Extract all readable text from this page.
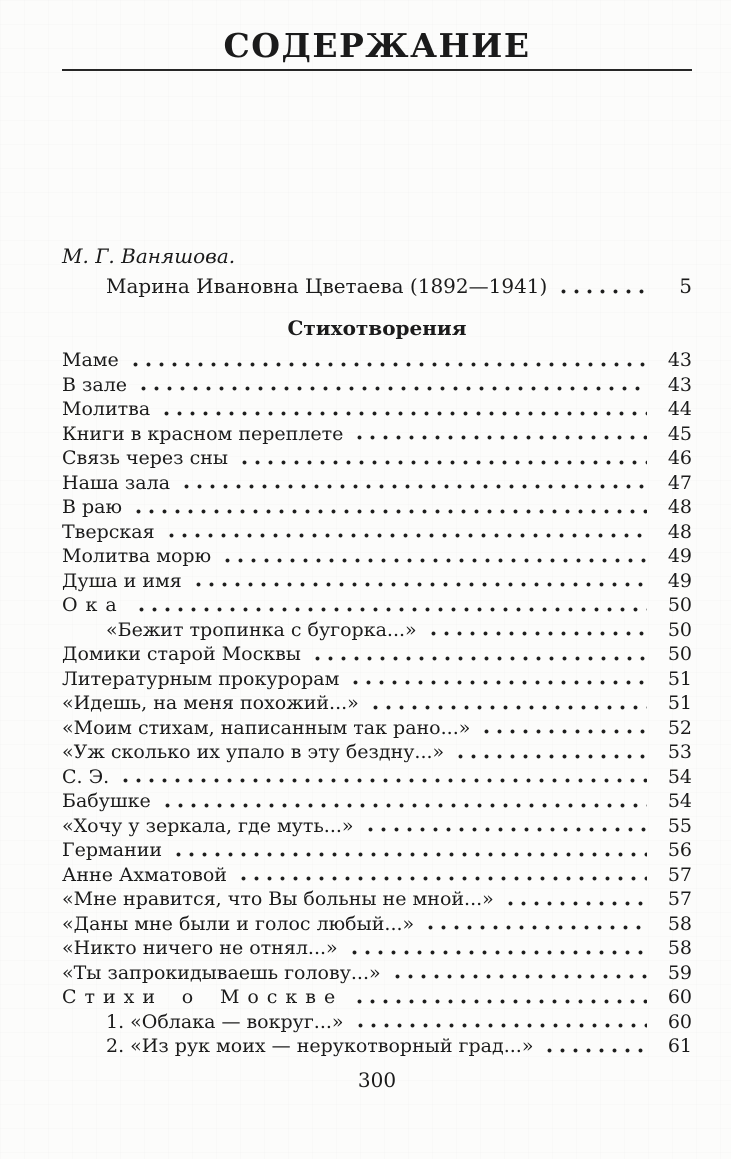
СОДЕРЖАНИЕ
М. Г. Ваняшова.
Марина Ивановна Цветаева (1892—1941)	5
Стихотворения
Маме	43
В зале	43
Молитва	44
Книги в красном переплете	45
Связь через сны	46
Наша зала	47
В раю	48
Тверская	48
Молитва морю	49
Душа и имя	49
Ока	50
«Бежит тропинка с бугорка...»	50
Домики старой Москвы	50
Литературным прокурорам	51
«Идешь, на меня похожий...»	51
«Моим стихам, написанным так рано...»	52
«Уж сколько их упало в эту бездну...»	53
С. Э.	54
Бабушке	54
«Хочу у зеркала, где муть...»	55
Германии	56
Анне Ахматовой	57
«Мне нравится, что Вы больны не мной...»	57
«Даны мне были и голос любый...»	58
«Никто ничего не отнял...»	58
«Ты запрокидываешь голову...»	59
Стихи о Москве	60
1. «Облака — вокруг...»	60
2. «Из рук моих — нерукотворный град...»	61
300
